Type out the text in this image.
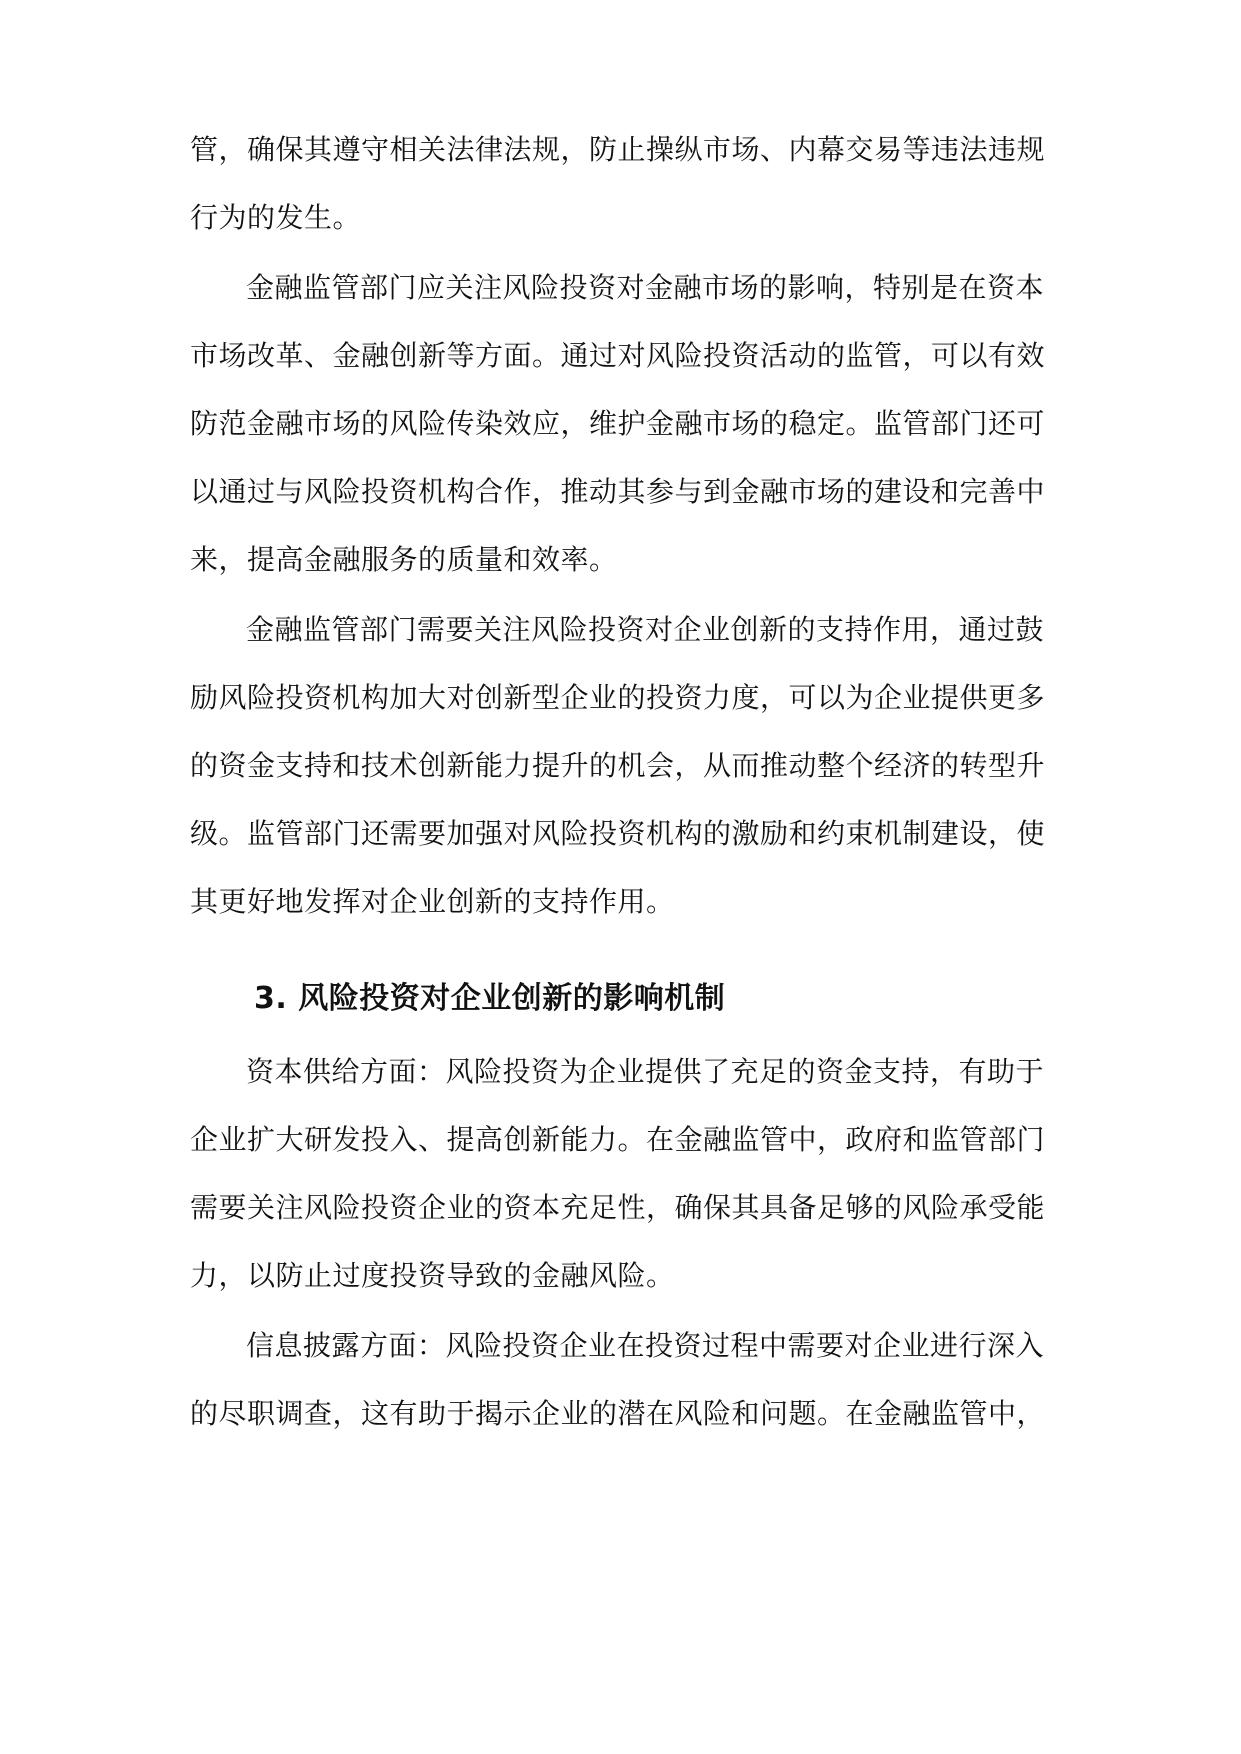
管，确保其遵守相关法律法规，防止操纵市场、内幕交易等违法违规
行为的发生。
金融监管部门应关注风险投资对金融市场的影响，特别是在资本
市场改革、金融创新等方面。通过对风险投资活动的监管，可以有效
防范金融市场的风险传染效应，维护金融市场的稳定。监管部门还可
以通过与风险投资机构合作，推动其参与到金融市场的建设和完善中
来，提高金融服务的质量和效率。
金融监管部门需要关注风险投资对企业创新的支持作用，通过鼓
励风险投资机构加大对创新型企业的投资力度，可以为企业提供更多
的资金支持和技术创新能力提升的机会，从而推动整个经济的转型升
级。监管部门还需要加强对风险投资机构的激励和约束机制建设，使
其更好地发挥对企业创新的支持作用。
3. 风险投资对企业创新的影响机制
资本供给方面：风险投资为企业提供了充足的资金支持，有助于
企业扩大研发投入、提高创新能力。在金融监管中，政府和监管部门
需要关注风险投资企业的资本充足性，确保其具备足够的风险承受能
力，以防止过度投资导致的金融风险。
信息披露方面：风险投资企业在投资过程中需要对企业进行深入
的尽职调查，这有助于揭示企业的潜在风险和问题。在金融监管中，
